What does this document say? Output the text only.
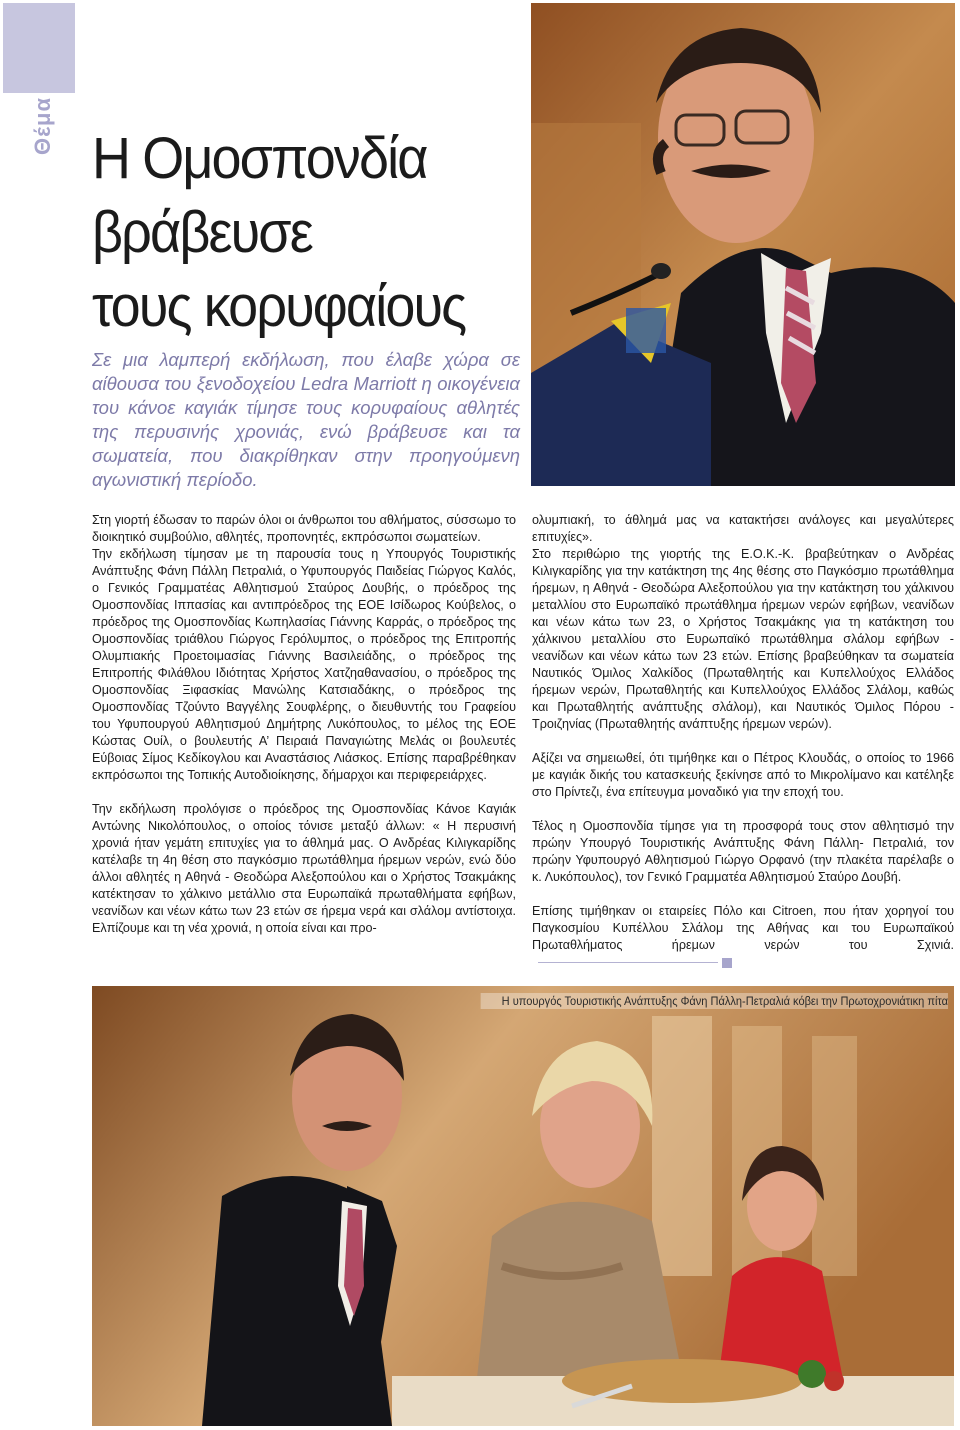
Θέμα Η Ομοσπονδία
βράβευσε
τους κορυφαίους
Σε μια λαμπερή εκδήλωση, που έλαβε χώρα σε αίθουσα του ξενοδοχείου Ledra Marriott η οικογένεια του κάνοε καγιάκ τίμησε τους κορυφαίους αθλητές της περυσινής χρονιάς, ενώ βράβευσε και τα σωματεία, που διακρίθηκαν στην προηγούμενη αγωνιστική περίοδο.

Στη γιορτή έδωσαν το παρών όλοι οι άνθρωποι του αθλήματος, σύσσωμο το διοικητικό συμβούλιο, αθλητές, προπονητές, εκπρόσωποι σωματείων.

Την εκδήλωση τίμησαν με τη παρουσία τους η Υπουργός Τουριστικής Ανάπτυξης Φάνη Πάλλη Πετραλιά, ο Υφυπουργός Παιδείας Γιώργος Καλός, ο Γενικός Γραμματέας Αθλητισμού Σταύρος Δουβής, ο πρόεδρος της Ομοσπονδίας Ιππασίας και αντιπρόεδρος της ΕΟΕ Ισίδωρος Κούβελος, ο πρόεδρος της Ομοσπονδίας Κωπηλασίας Γιάννης Καρράς, ο πρόεδρος της Ομοσπονδίας τριάθλου Γιώργος Γερόλυμπος, ο πρόεδρος της Επιτροπής Ολυμπιακής Προετοιμασίας Γιάννης Βασιλειάδης, ο πρόεδρος της Επιτροπής Φιλάθλου Ιδιότητας Χρήστος Χατζηαθανασίου, ο πρόεδρος της Ομοσπονδίας Ξιφασκίας Μανώλης Κατσιαδάκης, ο πρόεδρος της Ομοσπονδίας Τζούντο Βαγγέλης Σουφλέρης, ο διευθυντής του Γραφείου του Υφυπουργού Αθλητισμού Δημήτρης Λυκόπουλος, το μέλος της ΕΟΕ Κώστας Ουίλ, ο βουλευτής Α’ Πειραιά Παναγιώτης Μελάς οι βουλευτές Εύβοιας Σίμος Κεδίκογλου και Αναστάσιος Λιάσκος. Επίσης παραβρέθηκαν εκπρόσωποι της Τοπικής Αυτοδιοίκησης, δήμαρχοι και περιφερειάρχες.

Την εκδήλωση προλόγισε ο πρόεδρος της Ομοσπονδίας Κάνοε Καγιάκ Αντώνης Νικολόπουλος, ο οποίος τόνισε μεταξύ άλλων: « Η περυσινή χρονιά ήταν γεμάτη επιτυχίες για το άθλημά μας. Ο Ανδρέας Κιλιγκαρίδης κατέλαβε τη 4η θέση στο παγκόσμιο πρωτάθλημα ήρεμων νερών, ενώ δύο άλλοι αθλητές η Αθηνά - Θεοδώρα Αλεξοπούλου και ο Χρήστος Τσακμάκης κατέκτησαν το χάλκινο μετάλλιο στα Ευρωπαϊκά πρωταθλήματα εφήβων, νεανίδων και νέων κάτω των 23 ετών σε ήρεμα νερά και σλάλομ αντίστοιχα. Ελπίζουμε και τη νέα χρονιά, η οποία είναι και προ-

ολυμπιακή, το άθλημά μας να κατακτήσει ανάλογες και μεγαλύτερες επιτυχίες».

Στο περιθώριο της γιορτής της Ε.Ο.Κ.-Κ. βραβεύτηκαν ο Ανδρέας Κιλιγκαρίδης για την κατάκτηση της 4ης θέσης στο Παγκόσμιο πρωτάθλημα ήρεμων, η Αθηνά - Θεοδώρα Αλεξοπούλου για την κατάκτηση του χάλκινου μεταλλίου στο Ευρωπαϊκό πρωτάθλημα ήρεμων νερών εφήβων, νεανίδων και νέων κάτω των 23, ο Χρήστος Τσακμάκης για τη κατάκτηση του χάλκινου μεταλλίου στο Ευρωπαϊκό πρωτάθλημα σλάλομ εφήβων - νεανίδων και νέων κάτω των 23 ετών. Επίσης βραβεύθηκαν τα σωματεία Ναυτικός Όμιλος Χαλκίδος (Πρωταθλητής και Κυπελλούχος Ελλάδος ήρεμων νερών, Πρωταθλητής και Κυπελλούχος Ελλάδος Σλάλομ, καθώς και Πρωταθλητής ανάπτυξης σλάλομ), και Ναυτικός Όμιλος Πόρου - Τροιζηνίας (Πρωταθλητής ανάπτυξης ήρεμων νερών).

Αξίζει να σημειωθεί, ότι τιμήθηκε και ο Πέτρος Κλουδάς, ο οποίος το 1966 με καγιάκ δικής του κατασκευής ξεκίνησε από το Μικρολίμανο και κατέληξε στο Πρίντεζι, ένα επίτευγμα μοναδικό για την εποχή του.

Τέλος η Ομοσπονδία τίμησε για τη προσφορά τους στον αθλητισμό την πρώην Υπουργό Τουριστικής Ανάπτυξης Φάνη Πάλλη- Πετραλιά, τον πρώην Υφυπουργό Αθλητισμού Γιώργο Ορφανό (την πλακέτα παρέλαβε ο κ. Λυκόπουλος), τον Γενικό Γραμματέα Αθλητισμού Σταύρο Δουβή.

Επίσης τιμήθηκαν οι εταιρείες Πόλο και Citroen, που ήταν χορηγοί του Παγκοσμίου Κυπέλλου Σλάλομ της Αθήνας και του Ευρωπαϊκού Πρωταθλήματος ήρεμων νερών του Σχινιά.

Η υπουργός Τουριστικής Ανάπτυξης Φάνη Πάλλη-Πετραλιά κόβει την Πρωτοχρονιάτικη πίτα
